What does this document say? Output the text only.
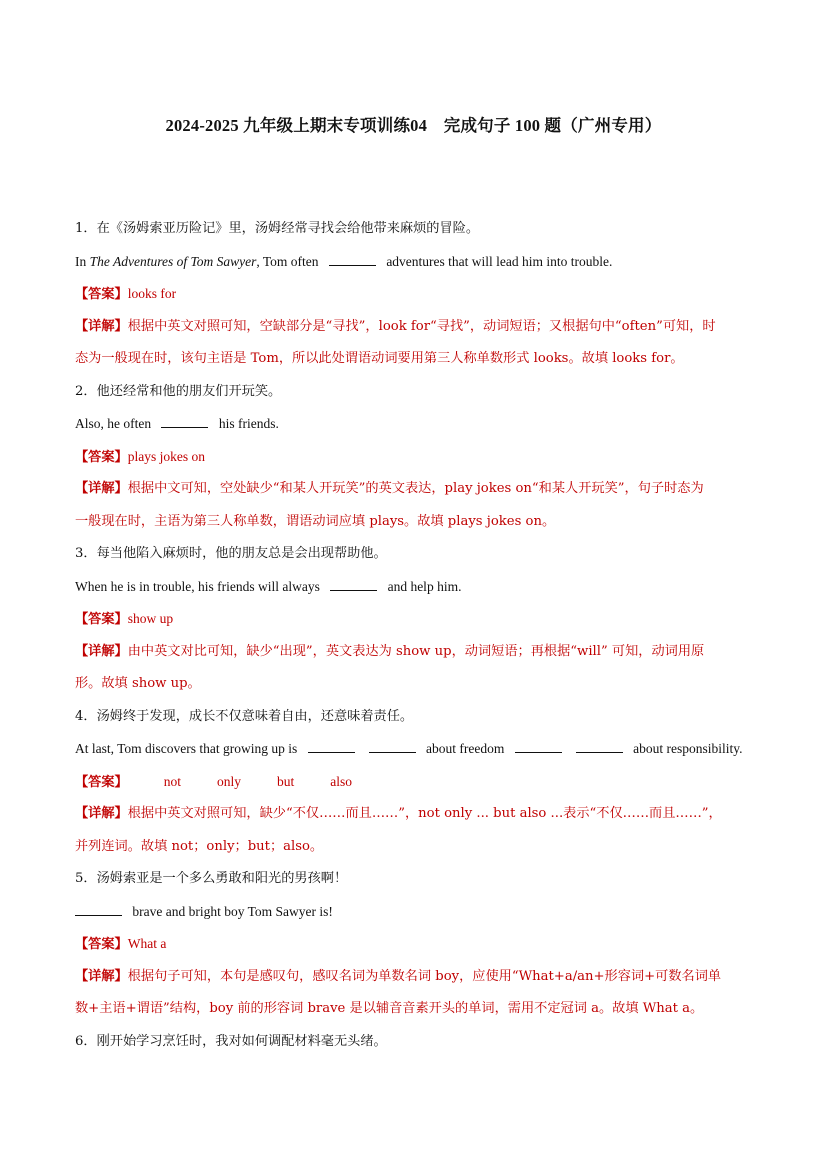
2024-2025 九年级上期末专项训练04　完成句子 100 题（广州专用）
1．在《汤姆索亚历险记》里，汤姆经常寻找会给他带来麻烦的冒险。
In The Adventures of Tom Sawyer, Tom often	adventures that will lead him into trouble.
【答案】looks for
【详解】根据中英文对照可知，空缺部分是“寻找”，look for“寻找”，动词短语；又根据句中“often”可知，时
态为一般现在时，该句主语是 Tom，所以此处谓语动词要用第三人称单数形式 looks。故填 looks for。
2．他还经常和他的朋友们开玩笑。
Also, he often	his friends.
【答案】plays jokes on
【详解】根据中文可知，空处缺少“和某人开玩笑”的英文表达，play jokes on“和某人开玩笑”，句子时态为
一般现在时，主语为第三人称单数，谓语动词应填 plays。故填 plays jokes on。
3．每当他陷入麻烦时，他的朋友总是会出现帮助他。
When he is in trouble, his friends will always	and help him.
【答案】show up
【详解】由中英文对比可知，缺少“出现”，英文表达为 show up，动词短语；再根据“will” 可知，动词用原
形。故填 show up。
4．汤姆终于发现，成长不仅意味着自由，还意味着责任。
At last, Tom discovers that growing up is	about freedom	about responsibility.
【答案】	not	only	but	also
【详解】根据中英文对照可知，缺少“不仅……而且……”，not only ... but also ...表示“不仅……而且……”，
并列连词。故填 not；only；but；also。
5．汤姆索亚是一个多么勇敢和阳光的男孩啊！
brave and bright boy Tom Sawyer is!
【答案】What a
【详解】根据句子可知，本句是感叹句，感叹名词为单数名词 boy，应使用“What+a/an+形容词+可数名词单
数+主语+谓语”结构，boy 前的形容词 brave 是以辅音音素开头的单词，需用不定冠词 a。故填 What a。
6．刚开始学习烹饪时，我对如何调配材料毫无头绪。
